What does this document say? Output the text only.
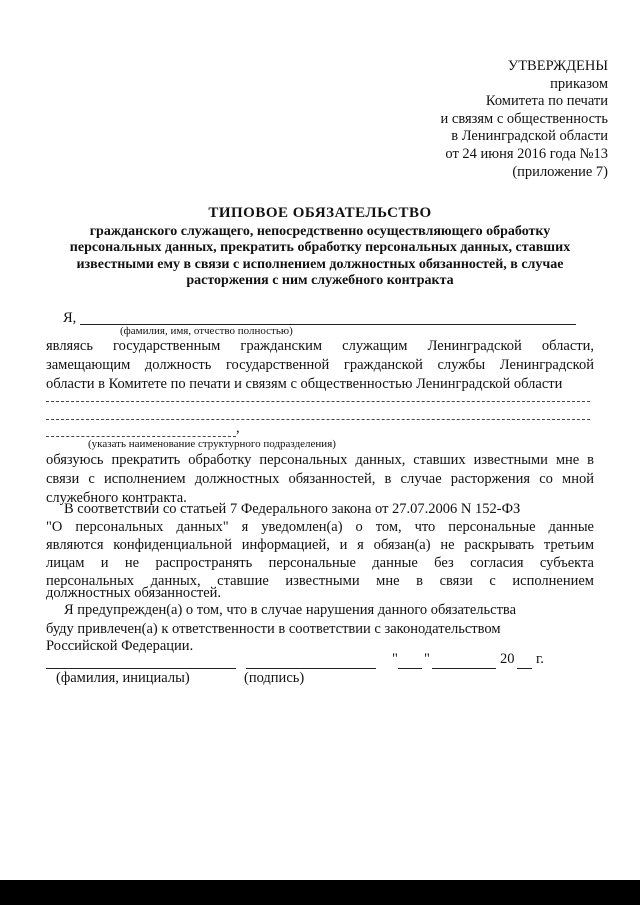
УТВЕРЖДЕНЫ
приказом
Комитета по печати
и связям с общественность
в Ленинградской области
от 24 июня 2016 года №13
(приложение 7)
ТИПОВОЕ ОБЯЗАТЕЛЬСТВО
гражданского служащего, непосредственно осуществляющего обработку персональных данных, прекратить обработку персональных данных, ставших известными ему в связи с исполнением должностных обязанностей, в случае расторжения с ним служебного контракта
Я,
(фамилия, имя, отчество полностью)
являясь государственным гражданским служащим Ленинградской области,
замещающим должность государственной гражданской службы Ленинградской
области в Комитете по печати и связям с общественностью Ленинградской области
,
(указать наименование структурного подразделения)
обязуюсь прекратить обработку персональных данных, ставших известными мне в
связи с исполнением должностных обязанностей, в случае расторжения со мной
служебного контракта.
В соответствии со статьей 7 Федерального закона от 27.07.2006 N 152-ФЗ
"О персональных данных" я уведомлен(а) о том, что персональные данные
являются конфиденциальной информацией, и я обязан(а) не раскрывать третьим
лицам и не распространять персональные данные без согласия субъекта
персональных данных, ставшие известными мне в связи с исполнением
должностных обязанностей.
Я предупрежден(а) о том, что в случае нарушения данного обязательства
буду привлечен(а) к ответственности в соответствии с законодательством
Российской Федерации.
" "	20 г.
(фамилия, инициалы)	(подпись)
